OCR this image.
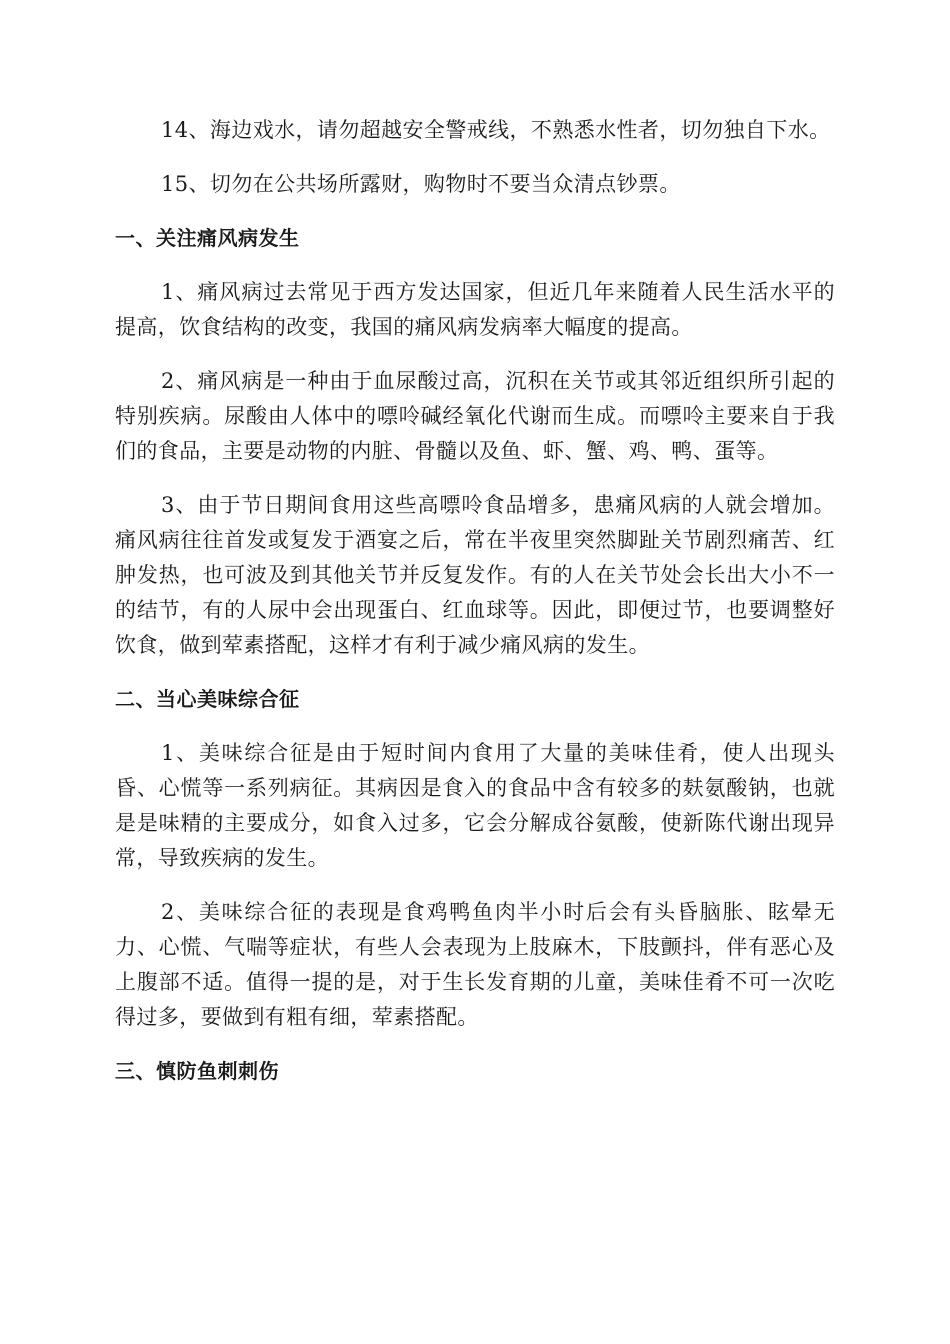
14、海边戏水，请勿超越安全警戒线，不熟悉水性者，切勿独自下水。

15、切勿在公共场所露财，购物时不要当众清点钞票。

一、关注痛风病发生

1、痛风病过去常见于西方发达国家，但近几年来随着人民生活水平的提高，饮食结构的改变，我国的痛风病发病率大幅度的提高。

2、痛风病是一种由于血尿酸过高，沉积在关节或其邻近组织所引起的特别疾病。尿酸由人体中的嘌呤碱经氧化代谢而生成。而嘌呤主要来自于我们的食品，主要是动物的内脏、骨髓以及鱼、虾、蟹、鸡、鸭、蛋等。

3、由于节日期间食用这些高嘌呤食品增多，患痛风病的人就会增加。痛风病往往首发或复发于酒宴之后，常在半夜里突然脚趾关节剧烈痛苦、红肿发热，也可波及到其他关节并反复发作。有的人在关节处会长出大小不一的结节，有的人尿中会出现蛋白、红血球等。因此，即便过节，也要调整好饮食，做到荤素搭配，这样才有利于减少痛风病的发生。

二、当心美味综合征

1、美味综合征是由于短时间内食用了大量的美味佳肴，使人出现头昏、心慌等一系列病征。其病因是食入的食品中含有较多的麸氨酸钠，也就是是味精的主要成分，如食入过多，它会分解成谷氨酸，使新陈代谢出现异常，导致疾病的发生。

2、美味综合征的表现是食鸡鸭鱼肉半小时后会有头昏脑胀、眩晕无力、心慌、气喘等症状，有些人会表现为上肢麻木，下肢颤抖，伴有恶心及上腹部不适。值得一提的是，对于生长发育期的儿童，美味佳肴不可一次吃得过多，要做到有粗有细，荤素搭配。

三、慎防鱼刺刺伤
